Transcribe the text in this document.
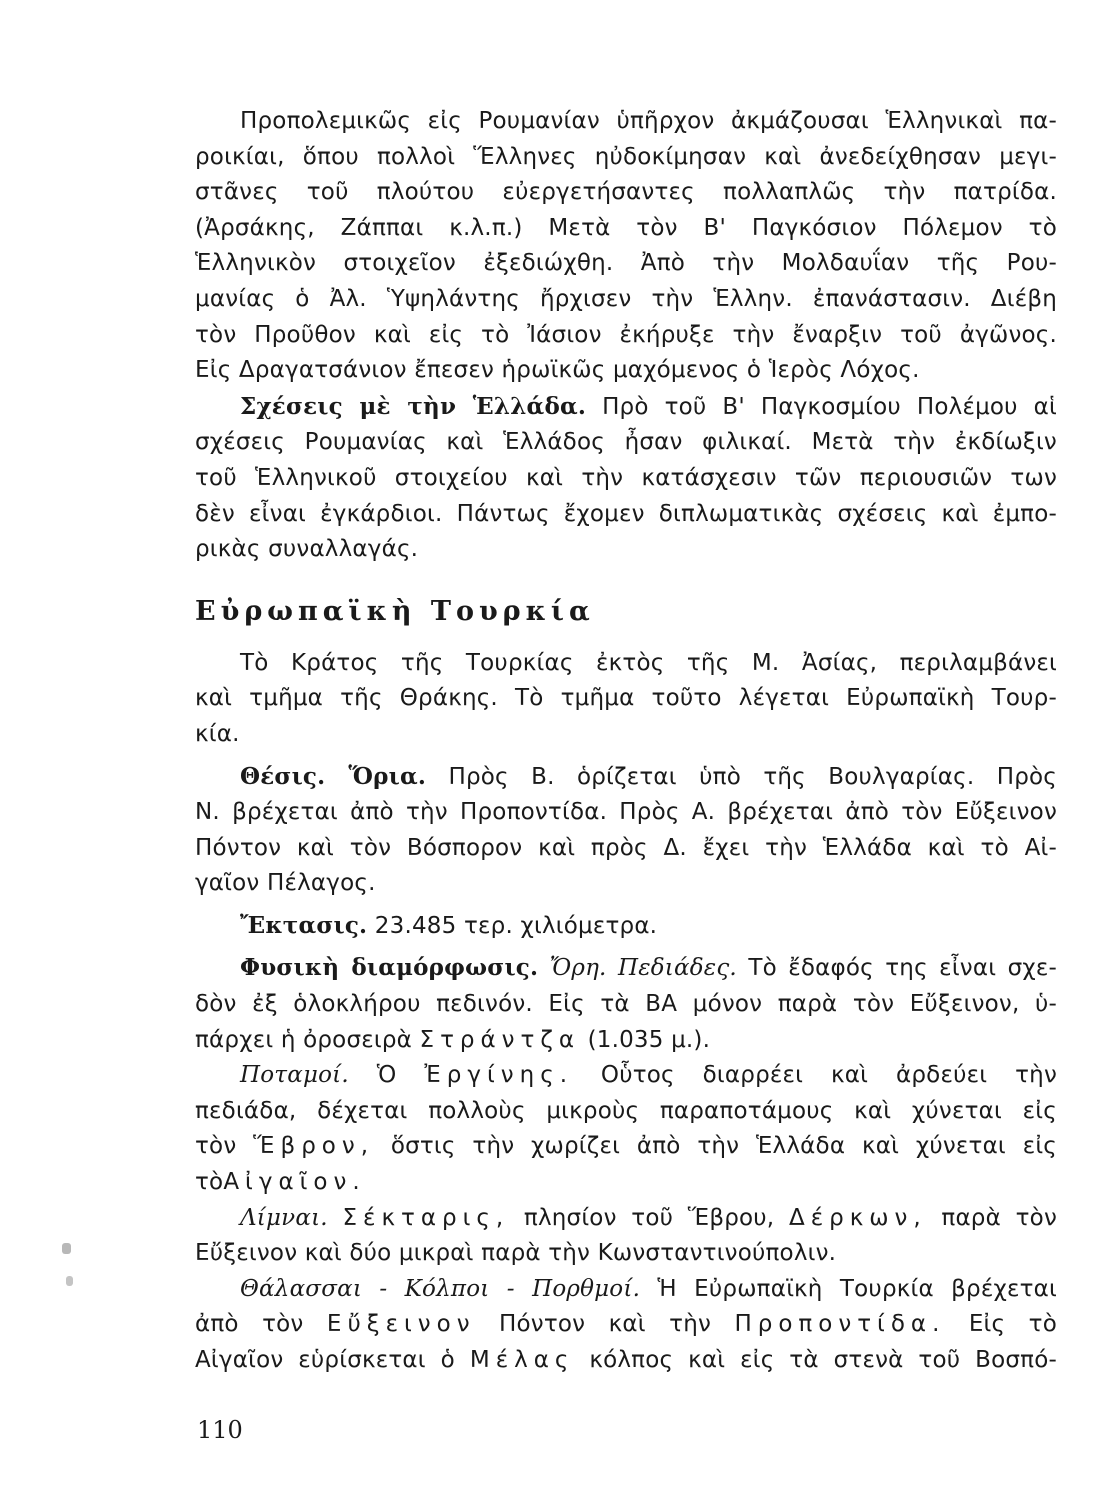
Προπολεμικῶς εἰς Ρουμανίαν ὑπῆρχον ἀκμάζουσαι Ἑλληνικαὶ πα-

ροικίαι, ὅπου πολλοὶ Ἕλληνες ηὐδοκίμησαν καὶ ἀνεδείχθησαν μεγι-

στᾶνες τοῦ πλούτου εὐεργετήσαντες πολλαπλῶς τὴν πατρίδα.

(Ἀρσάκης, Ζάππαι κ.λ.π.) Μετὰ τὸν Β' Παγκόσιον Πόλεμον τὸ

Ἑλληνικὸν στοιχεῖον ἐξεδιώχθη. Ἀπὸ τὴν Μολδαυΐαν τῆς Ρου-

μανίας ὁ Ἀλ. Ὑψηλάντης ἤρχισεν τὴν Ἑλλην. ἐπανάστασιν. Διέβη

τὸν Προῦθον καὶ εἰς τὸ Ἰάσιον ἐκήρυξε τὴν ἔναρξιν τοῦ ἀγῶνος.

Εἰς Δραγατσάνιον ἔπεσεν ἡρωϊκῶς μαχόμενος ὁ Ἱερὸς Λόχος.

Σχέσεις μὲ τὴν Ἑλλάδα. Πρὸ τοῦ Β' Παγκοσμίου Πολέμου αἱ

σχέσεις Ρουμανίας καὶ Ἑλλάδος ἦσαν φιλικαί. Μετὰ τὴν ἐκδίωξιν

τοῦ Ἑλληνικοῦ στοιχείου καὶ τὴν κατάσχεσιν τῶν περιουσιῶν των

δὲν εἶναι ἐγκάρδιοι. Πάντως ἔχομεν διπλωματικὰς σχέσεις καὶ ἐμπο-

ρικὰς συναλλαγάς.

Εὐρωπαϊκὴ Τουρκία

Τὸ Κράτος τῆς Τουρκίας ἐκτὸς τῆς Μ. Ἀσίας, περιλαμβάνει

καὶ τμῆμα τῆς Θράκης. Τὸ τμῆμα τοῦτο λέγεται Εὐρωπαϊκὴ Τουρ-

κία.

Θέσις. Ὅρια. Πρὸς Β. ὁρίζεται ὑπὸ τῆς Βουλγαρίας. Πρὸς

Ν. βρέχεται ἀπὸ τὴν Προποντίδα. Πρὸς Α. βρέχεται ἀπὸ τὸν Εὔξεινον

Πόντον καὶ τὸν Βόσπορον καὶ πρὸς Δ. ἔχει τὴν Ἑλλάδα καὶ τὸ Αἰ-

γαῖον Πέλαγος.

Ἔκτασις. 23.485 τερ. χιλιόμετρα.

Φυσικὴ διαμόρφωσις. Ὄρη. Πεδιάδες. Τὸ ἔδαφός της εἶναι σχε-

δὸν ἐξ ὁλοκλήρου πεδινόν. Εἰς τὰ ΒΑ μόνον παρὰ τὸν Εὔξεινον, ὑ-

πάρχει ἡ ὀροσειρὰ Στράντζα (1.035 μ.).

Ποταμοί. Ὁ Ἐργίνης. Οὗτος διαρρέει καὶ ἀρδεύει τὴν

πεδιάδα, δέχεται πολλοὺς μικροὺς παραποτάμους καὶ χύνεται εἰς

τὸν Ἕβρον, ὅστις τὴν χωρίζει ἀπὸ τὴν Ἑλλάδα καὶ χύνεται εἰς

τὸΑἰγαῖον.

Λίμναι. Σέκταρις, πλησίον τοῦ Ἕβρου, Δέρκων, παρὰ τὸν

Εὔξεινον καὶ δύο μικραὶ παρὰ τὴν Κωνσταντινούπολιν.

Θάλασσαι - Κόλποι - Πορθμοί. Ἡ Εὐρωπαϊκὴ Τουρκία βρέχεται

ἀπὸ τὸν Εὔξεινον Πόντον καὶ τὴν Προποντίδα. Εἰς τὸ

Αἰγαῖον εὑρίσκεται ὁ Μέλας κόλπος καὶ εἰς τὰ στενὰ τοῦ Βοσπό-

110
